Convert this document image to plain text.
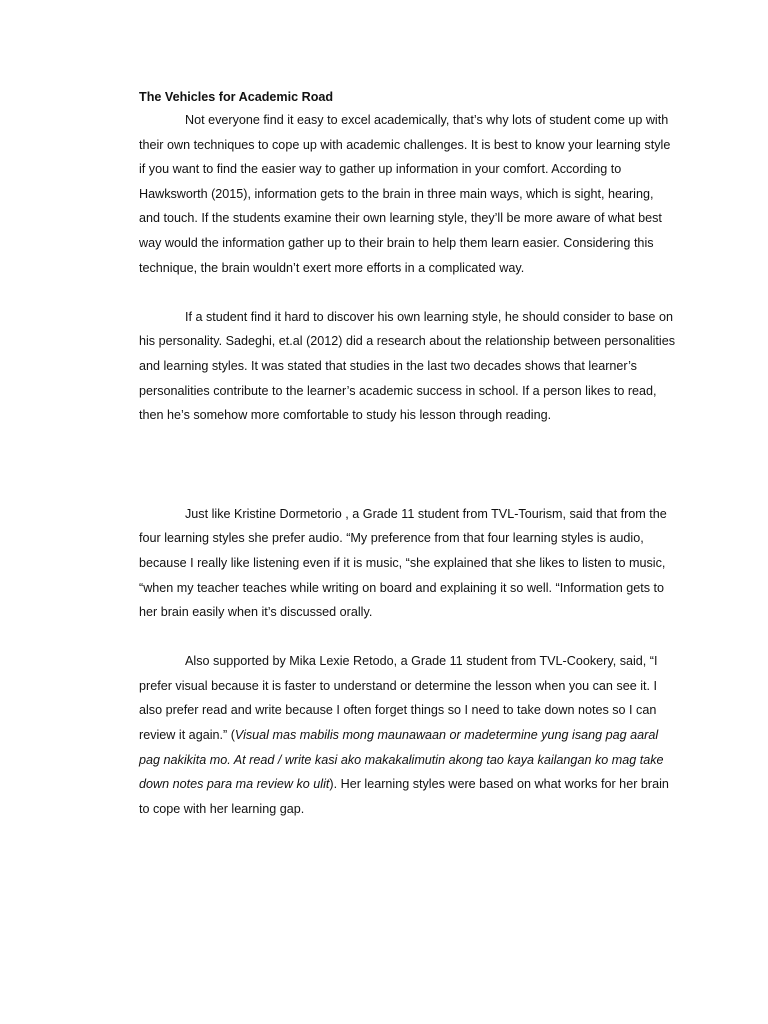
The Vehicles for Academic Road

Not everyone find it easy to excel academically, that’s why lots of student come up with their own techniques to cope up with academic challenges. It is best to know your learning style if you want to find the easier way to gather up information in your comfort. According to Hawksworth (2015), information gets to the brain in three main ways, which is sight, hearing, and touch. If the students examine their own learning style, they’ll be more aware of what best way would the information gather up to their brain to help them learn easier. Considering this technique, the brain wouldn’t exert more efforts in a complicated way.

If a student find it hard to discover his own learning style, he should consider to base on his personality. Sadeghi, et.al (2012) did a research about the relationship between personalities and learning styles. It was stated that studies in the last two decades shows that learner’s personalities contribute to the learner’s academic success in school. If a person likes to read, then he’s somehow more comfortable to study his lesson through reading.

Just like Kristine Dormetorio , a Grade 11 student from TVL-Tourism, said that from the four learning styles she prefer audio. “My preference from that four learning styles is audio, because I really like listening even if it is music, “she explained that she likes to listen to music, “when my teacher teaches while writing on board and explaining it so well. “Information gets to her brain easily when it’s discussed orally.

Also supported by Mika Lexie Retodo, a Grade 11 student from TVL-Cookery, said, “I prefer visual because it is faster to understand or determine the lesson when you can see it. I also prefer read and write because I often forget things so I need to take down notes so I can review it again.” (Visual mas mabilis mong maunawaan or madetermine yung isang pag aaral pag nakikita mo. At read / write kasi ako makakalimutin akong tao kaya kailangan ko mag take down notes para ma review ko ulit). Her learning styles were based on what works for her brain to cope with her learning gap.
